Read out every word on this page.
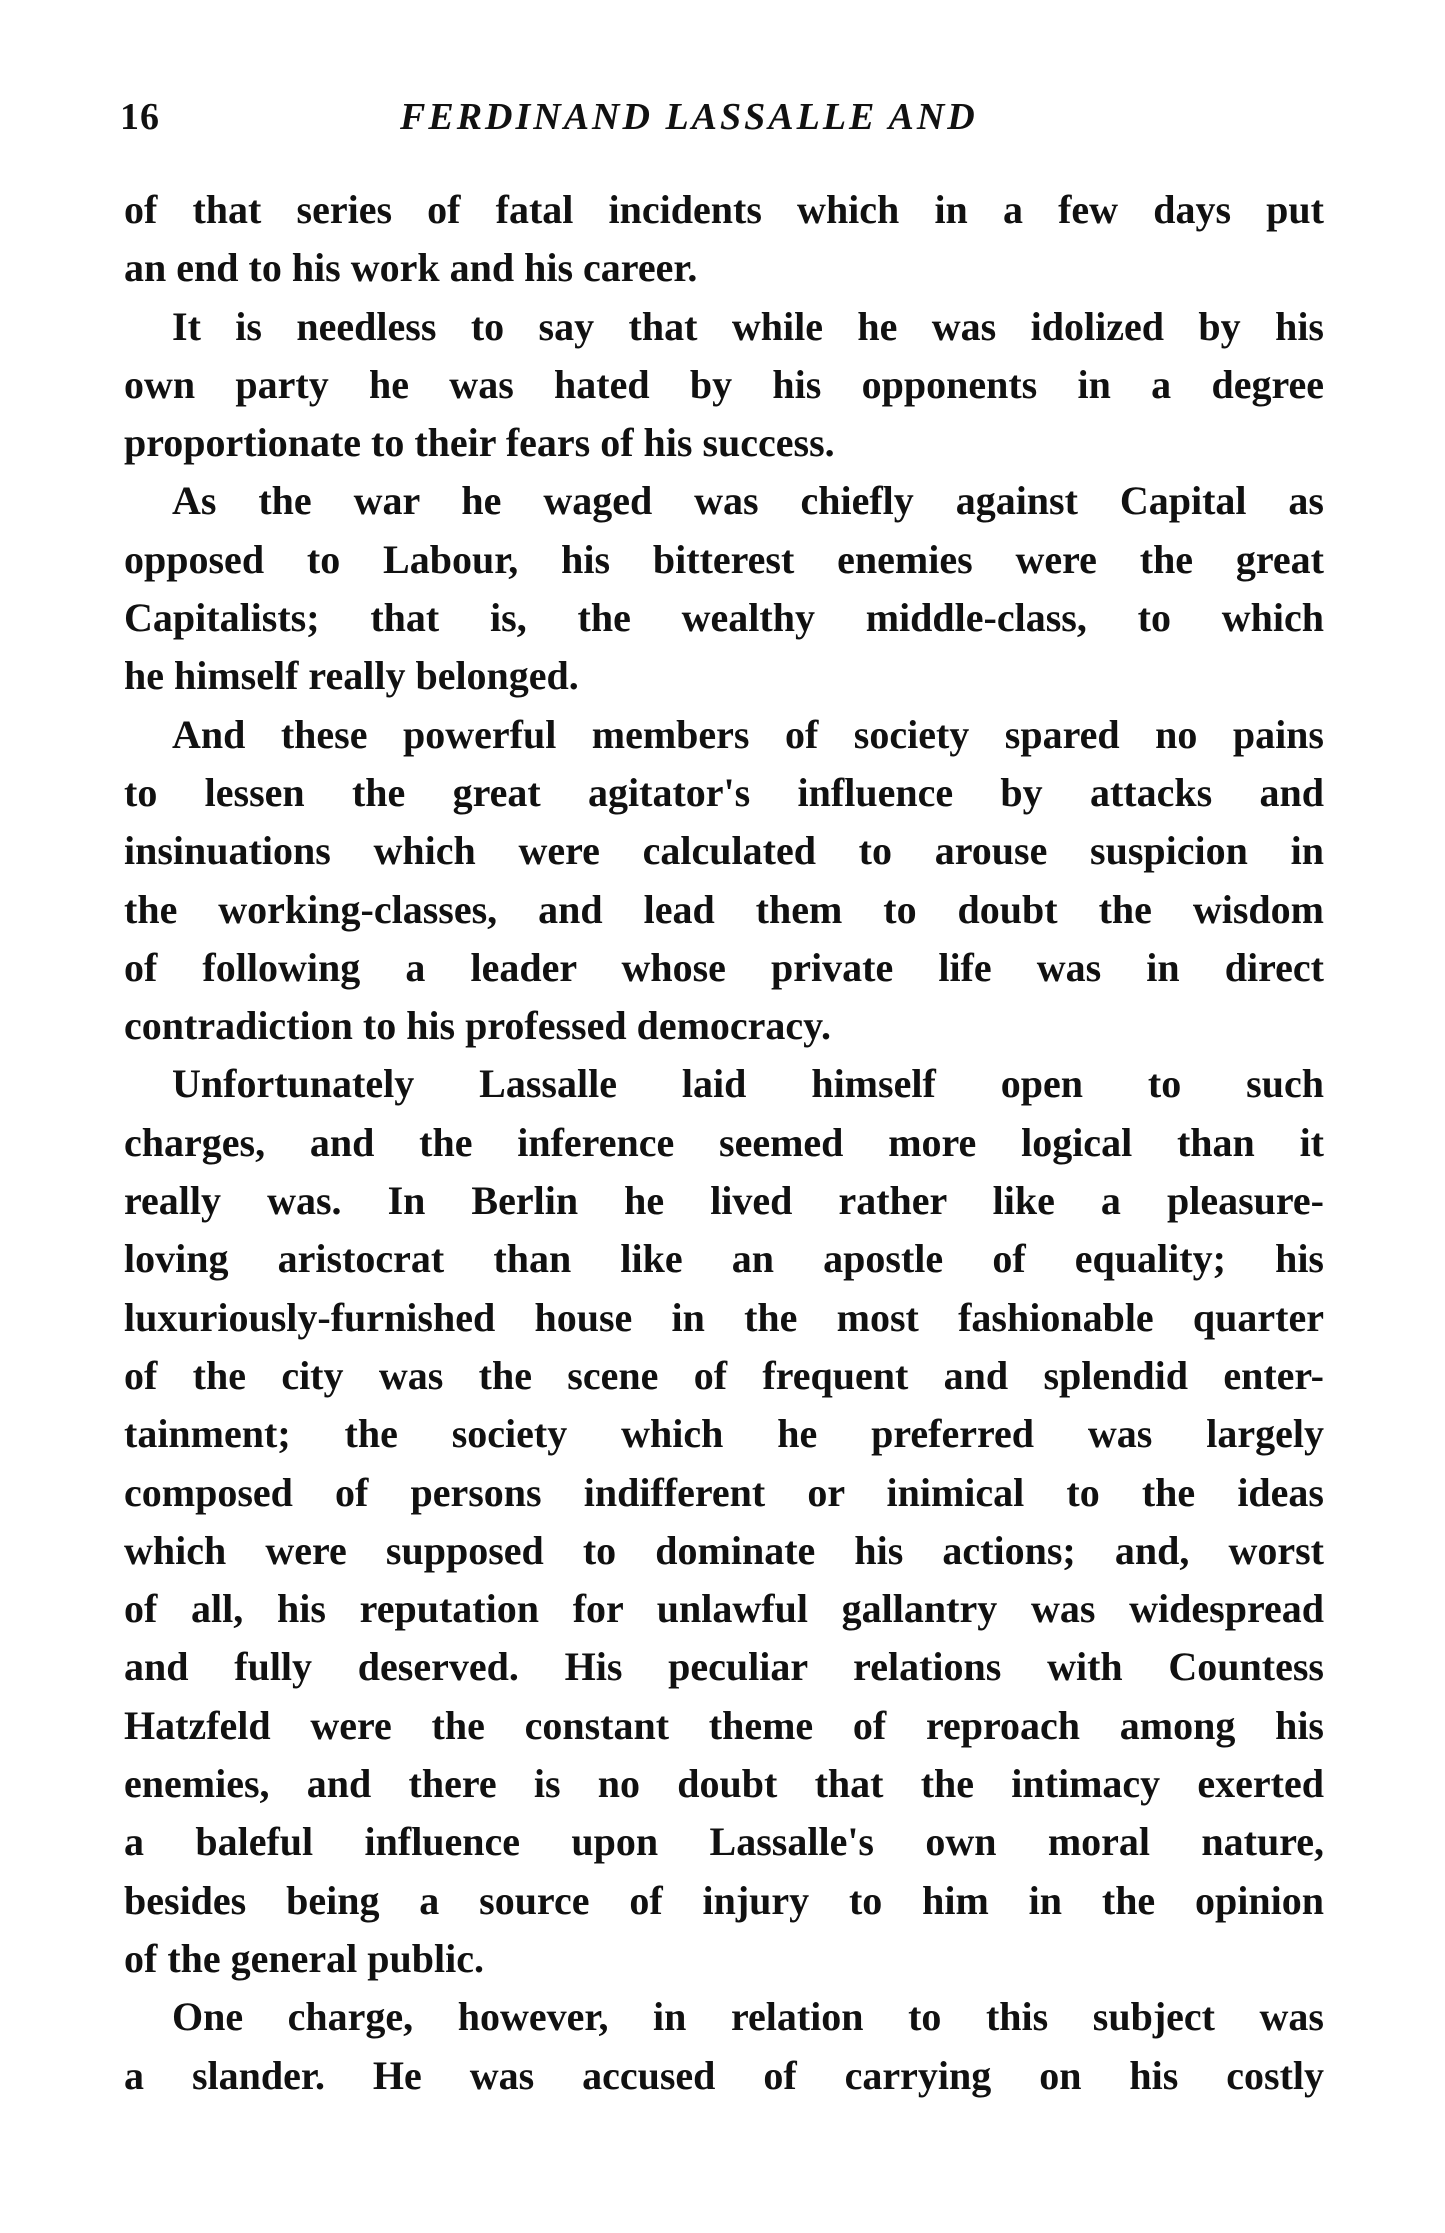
16	FERDINAND LASSALLE AND
of that series of fatal incidents which in a few days put
an end to his work and his career.
It is needless to say that while he was idolized by his
own party he was hated by his opponents in a degree
proportionate to their fears of his success.
As the war he waged was chiefly against Capital as
opposed to Labour, his bitterest enemies were the great
Capitalists; that is, the wealthy middle-class, to which
he himself really belonged.
And these powerful members of society spared no pains
to lessen the great agitator's influence by attacks and
insinuations which were calculated to arouse suspicion in
the working-classes, and lead them to doubt the wisdom
of following a leader whose private life was in direct
contradiction to his professed democracy.
Unfortunately Lassalle laid himself open to such
charges, and the inference seemed more logical than it
really was. In Berlin he lived rather like a pleasure-
loving aristocrat than like an apostle of equality; his
luxuriously-furnished house in the most fashionable quarter
of the city was the scene of frequent and splendid enter-
tainment; the society which he preferred was largely
composed of persons indifferent or inimical to the ideas
which were supposed to dominate his actions; and, worst
of all, his reputation for unlawful gallantry was widespread
and fully deserved. His peculiar relations with Countess
Hatzfeld were the constant theme of reproach among his
enemies, and there is no doubt that the intimacy exerted
a baleful influence upon Lassalle's own moral nature,
besides being a source of injury to him in the opinion
of the general public.
One charge, however, in relation to this subject was
a slander. He was accused of carrying on his costly
